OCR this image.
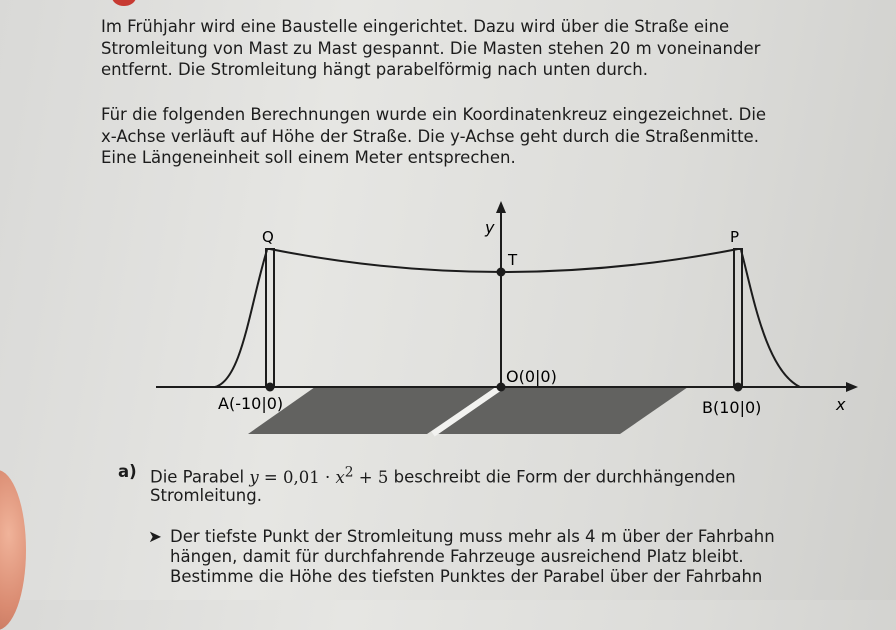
Im Frühjahr wird eine Baustelle eingerichtet. Dazu wird über die Straße eine
Stromleitung von Mast zu Mast gespannt. Die Masten stehen 20 m voneinander
entfernt. Die Stromleitung hängt parabelförmig nach unten durch.
Für die folgenden Berechnungen wurde ein Koordinatenkreuz eingezeichnet. Die
x-Achse verläuft auf Höhe der Straße. Die y-Achse geht durch die Straßenmitte.
Eine Längeneinheit soll einem Meter entsprechen.
Q	P
T
y
x
O(0|0)
A(-10|0)	B(10|0)
a) Die Parabel $y = 0,01 \cdot x^2 + 5$ beschreibt die Form der durchhängenden
Stromleitung.
➤ Der tiefste Punkt der Stromleitung muss mehr als 4 m über der Fahrbahn
hängen, damit für durchfahrende Fahrzeuge ausreichend Platz bleibt.
Bestimme die Höhe des tiefsten Punktes der Parabel über der Fahrbahn
